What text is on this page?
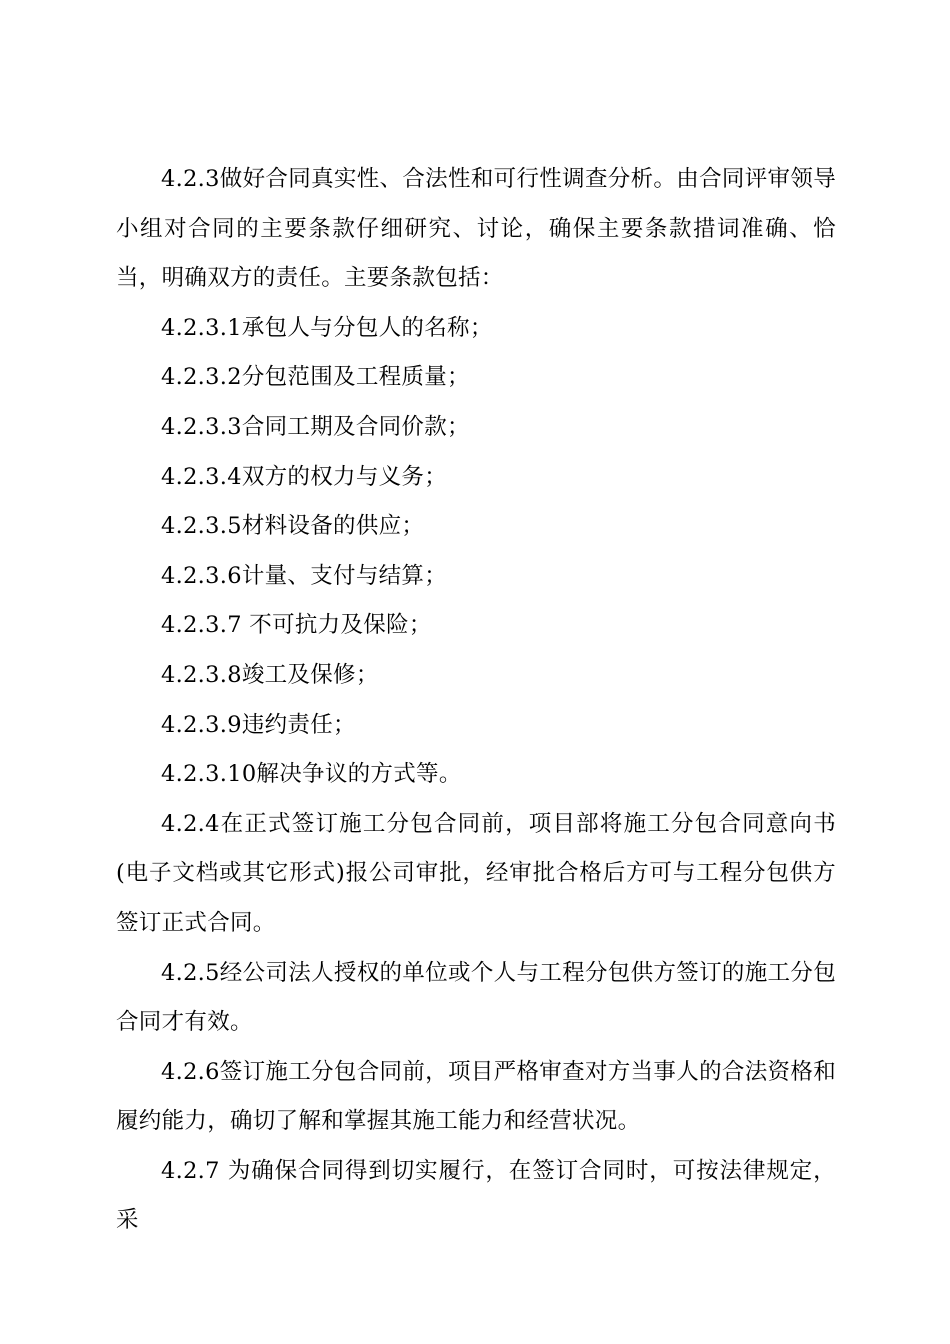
4.2.3做好合同真实性、合法性和可行性调查分析。由合同评审领导小组对合同的主要条款仔细研究、讨论，确保主要条款措词准确、恰当，明确双方的责任。主要条款包括：

4.2.3.1承包人与分包人的名称；

4.2.3.2分包范围及工程质量；

4.2.3.3合同工期及合同价款；

4.2.3.4双方的权力与义务；

4.2.3.5材料设备的供应；

4.2.3.6计量、支付与结算；

4.2.3.7 不可抗力及保险；

4.2.3.8竣工及保修；

4.2.3.9违约责任；

4.2.3.10解决争议的方式等。

4.2.4在正式签订施工分包合同前，项目部将施工分包合同意向书(电子文档或其它形式)报公司审批，经审批合格后方可与工程分包供方签订正式合同。

4.2.5经公司法人授权的单位或个人与工程分包供方签订的施工分包合同才有效。

4.2.6签订施工分包合同前，项目严格审查对方当事人的合法资格和履约能力，确切了解和掌握其施工能力和经营状况。

4.2.7 为确保合同得到切实履行，在签订合同时，可按法律规定，采
